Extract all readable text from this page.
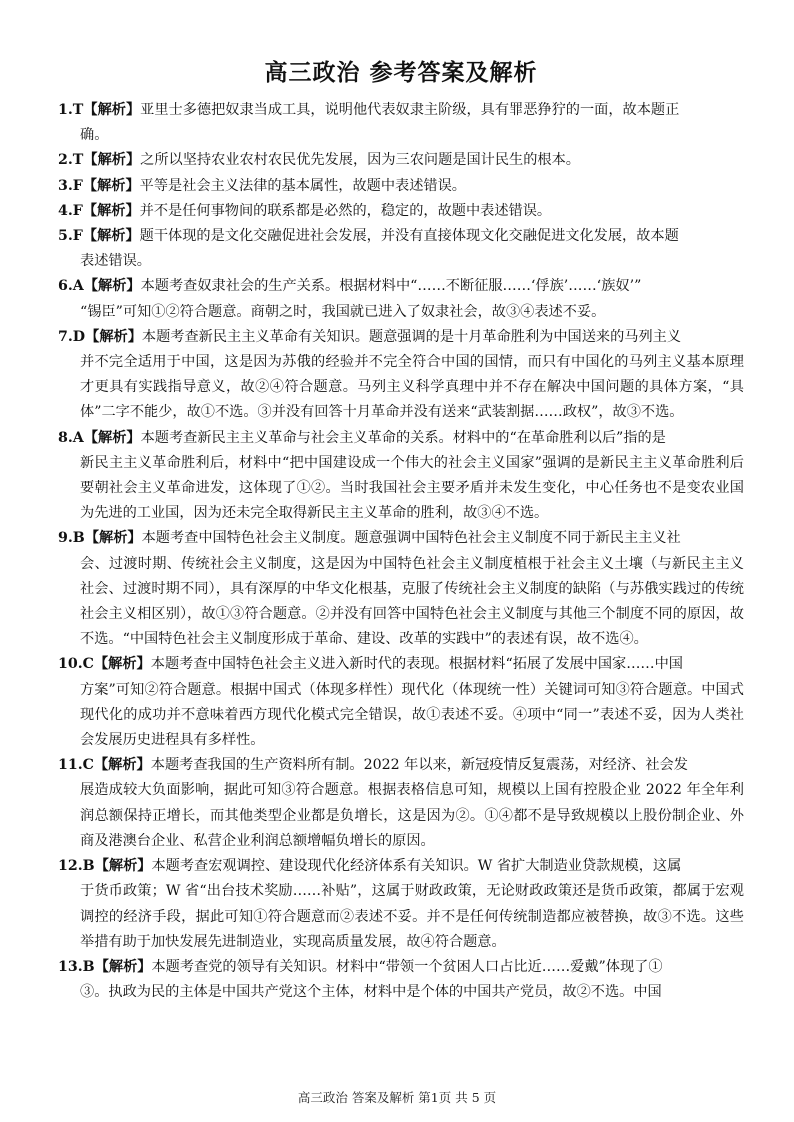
高三政治 参考答案及解析

1.T【解析】亚里士多德把奴隶当成工具，说明他代表奴隶主阶级，具有罪恶狰狞的一面，故本题正
确。

2.T【解析】之所以坚持农业农村农民优先发展，因为三农问题是国计民生的根本。

3.F【解析】平等是社会主义法律的基本属性，故题中表述错误。

4.F【解析】并不是任何事物间的联系都是必然的，稳定的，故题中表述错误。

5.F【解析】题干体现的是文化交融促进社会发展，并没有直接体现文化交融促进文化发展，故本题
表述错误。

6.A【解析】本题考查奴隶社会的生产关系。根据材料中“……不断征服……‘俘族’……‘族奴’”
“锡臣”可知①②符合题意。商朝之时，我国就已进入了奴隶社会，故③④表述不妥。

7.D【解析】本题考查新民主主义革命有关知识。题意强调的是十月革命胜利为中国送来的马列主义
并不完全适用于中国，这是因为苏俄的经验并不完全符合中国的国情，而只有中国化的马列主义基本原理才更具有实践指导意义，故②④符合题意。马列主义科学真理中并不存在解决中国问题的具体方案，“具体”二字不能少，故①不选。③并没有回答十月革命并没有送来“武装割据……政权”，故③不选。

8.A【解析】本题考查新民主主义革命与社会主义革命的关系。材料中的“在革命胜利以后”指的是
新民主主义革命胜利后，材料中“把中国建设成一个伟大的社会主义国家”强调的是新民主主义革命胜利后要朝社会主义革命进发，这体现了①②。当时我国社会主要矛盾并未发生变化，中心任务也不是变农业国为先进的工业国，因为还未完全取得新民主主义革命的胜利，故③④不选。

9.B【解析】本题考查中国特色社会主义制度。题意强调中国特色社会主义制度不同于新民主主义社
会、过渡时期、传统社会主义制度，这是因为中国特色社会主义制度植根于社会主义土壤（与新民主主义社会、过渡时期不同），具有深厚的中华文化根基，克服了传统社会主义制度的缺陷（与苏俄实践过的传统社会主义相区别），故①③符合题意。②并没有回答中国特色社会主义制度与其他三个制度不同的原因，故不选。“中国特色社会主义制度形成于革命、建设、改革的实践中”的表述有误，故不选④。

10.C【解析】本题考查中国特色社会主义进入新时代的表现。根据材料“拓展了发展中国家……中国
方案”可知②符合题意。根据中国式（体现多样性）现代化（体现统一性）关键词可知③符合题意。中国式现代化的成功并不意味着西方现代化模式完全错误，故①表述不妥。④项中“同一”表述不妥，因为人类社会发展历史进程具有多样性。

11.C【解析】本题考查我国的生产资料所有制。2022 年以来，新冠疫情反复震荡，对经济、社会发
展造成较大负面影响，据此可知③符合题意。根据表格信息可知，规模以上国有控股企业 2022 年全年利润总额保持正增长，而其他类型企业都是负增长，这是因为②。①④都不是导致规模以上股份制企业、外商及港澳台企业、私营企业利润总额增幅负增长的原因。

12.B【解析】本题考查宏观调控、建设现代化经济体系有关知识。W 省扩大制造业贷款规模，这属
于货币政策；W 省“出台技术奖励……补贴”，这属于财政政策，无论财政政策还是货币政策，都属于宏观调控的经济手段，据此可知①符合题意而②表述不妥。并不是任何传统制造都应被替换，故③不选。这些举措有助于加快发展先进制造业，实现高质量发展，故④符合题意。

13.B【解析】本题考查党的领导有关知识。材料中“带领一个贫困人口占比近……爱戴”体现了①
③。执政为民的主体是中国共产党这个主体，材料中是个体的中国共产党员，故②不选。中国

高三政治 答案及解析 第1页 共 5 页
